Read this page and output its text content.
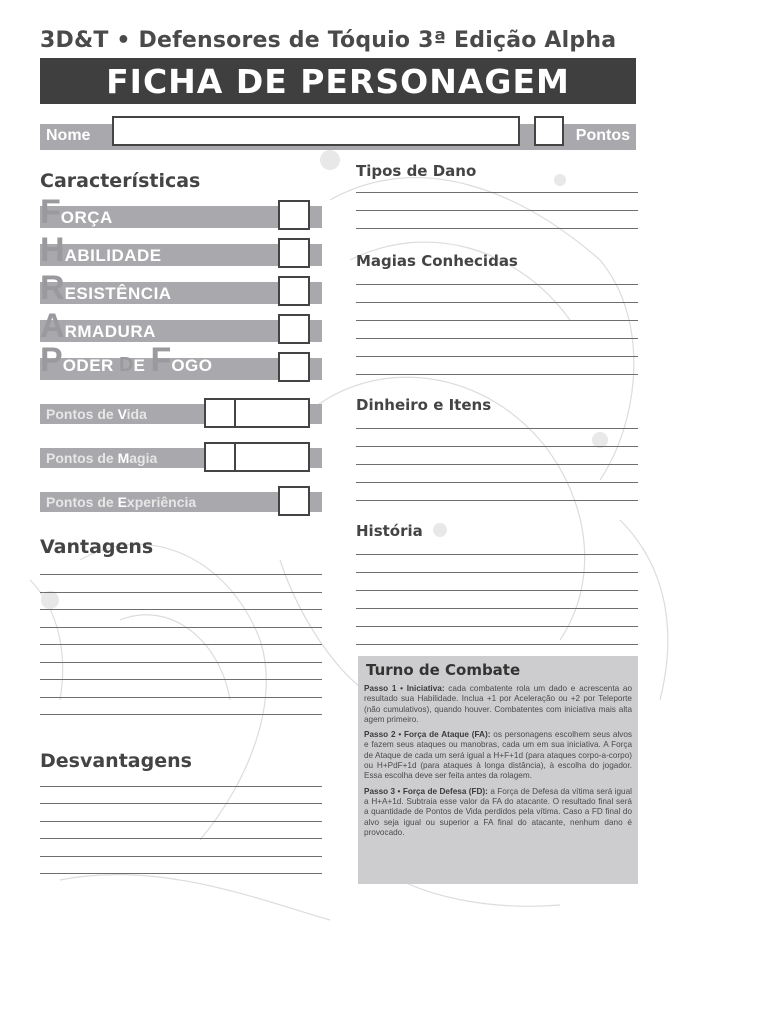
3D&T • Defensores de Tóquio 3ª Edição Alpha
FICHA DE PERSONAGEM
Nome	Pontos
Características
FORÇA
HABILIDADE
RESISTÊNCIA
ARMADURA
PODER DE FOGO
Pontos de Vida
Pontos de Magia
Pontos de Experiência
Vantagens
Desvantagens
Tipos de Dano
Magias Conhecidas
Dinheiro e Itens
História
Turno de Combate

Passo 1 • Iniciativa: cada combatente rola um dado e acrescenta ao resultado sua Habilidade. Inclua +1 por Aceleração ou +2 por Teleporte (não cumulativos), quando houver. Combatentes com iniciativa mais alta agem primeiro.

Passo 2 • Força de Ataque (FA): os personagens escolhem seus alvos e fazem seus ataques ou manobras, cada um em sua iniciativa. A Força de Ataque de cada um será igual a H+F+1d (para ataques corpo-a-corpo) ou H+PdF+1d (para ataques à longa distância), à escolha do jogador. Essa escolha deve ser feita antes da rolagem.

Passo 3 • Força de Defesa (FD): a Força de Defesa da vítima será igual a H+A+1d. Subtraia esse valor da FA do atacante. O resultado final será a quantidade de Pontos de Vida perdidos pela vítima. Caso a FD final do alvo seja igual ou superior a FA final do atacante, nenhum dano é provocado.
